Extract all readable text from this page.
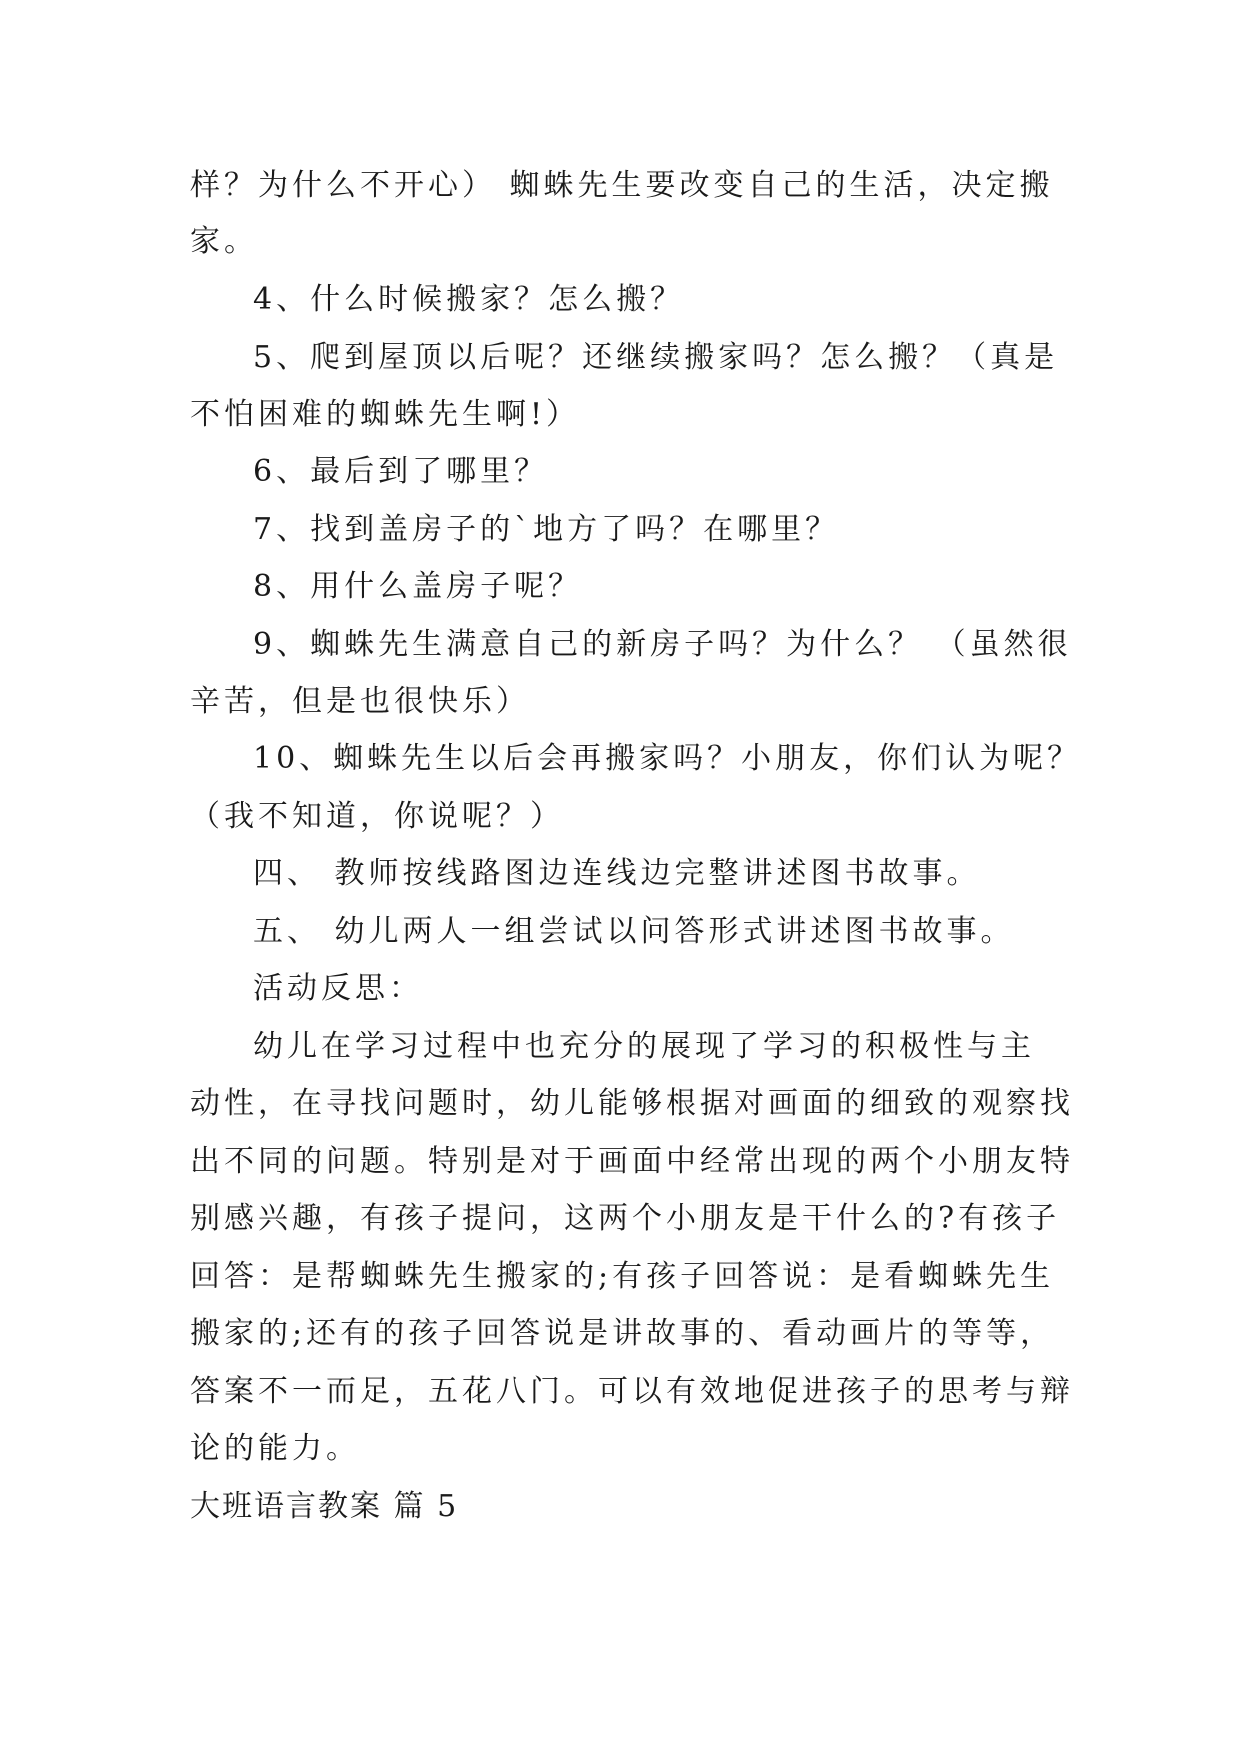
样？为什么不开心） 蜘蛛先生要改变自己的生活，决定搬
家。
4、什么时候搬家？怎么搬？
5、爬到屋顶以后呢？还继续搬家吗？怎么搬？（真是
不怕困难的蜘蛛先生啊!）
6、最后到了哪里？
7、找到盖房子的`地方了吗？在哪里？
8、用什么盖房子呢？
9、蜘蛛先生满意自己的新房子吗？为什么？ （虽然很
辛苦，但是也很快乐）
10、蜘蛛先生以后会再搬家吗？小朋友，你们认为呢？
（我不知道，你说呢？）
四、 教师按线路图边连线边完整讲述图书故事。
五、 幼儿两人一组尝试以问答形式讲述图书故事。
活动反思：
幼儿在学习过程中也充分的展现了学习的积极性与主
动性，在寻找问题时，幼儿能够根据对画面的细致的观察找
出不同的问题。特别是对于画面中经常出现的两个小朋友特
别感兴趣，有孩子提问，这两个小朋友是干什么的?有孩子
回答：是帮蜘蛛先生搬家的;有孩子回答说：是看蜘蛛先生
搬家的;还有的孩子回答说是讲故事的、看动画片的等等，
答案不一而足，五花八门。可以有效地促进孩子的思考与辩
论的能力。
大班语言教案 篇 5
